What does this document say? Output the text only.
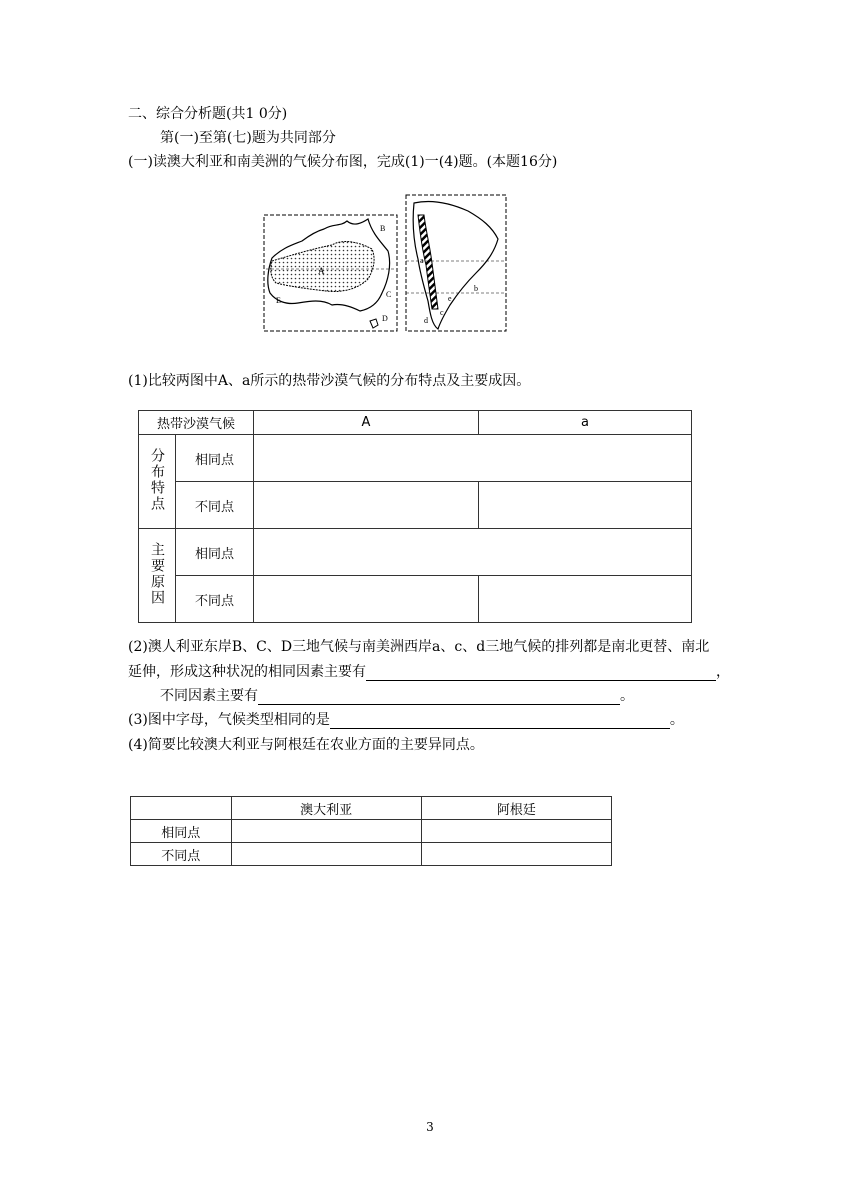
二、综合分析题(共1 0分)
第(一)至第(七)题为共同部分
(一)读澳大利亚和南美洲的气候分布图，完成(1)一(4)题。(本题16分)
A
B
C
D
E
a
b
c
d
e
(1)比较两图中A、a所示的热带沙漠气候的分布特点及主要成因。
热带沙漠气候		A	a
分布特点	相同点		
	不同点		
主要原因	相同点		
	不同点		
(2)澳人利亚东岸B、C、D三地气候与南美洲西岸a、c、d三地气候的排列都是南北更替、南北
延伸，形成这种状况的相同因素主要有	，
不同因素主要有	。
(3)图中字母，气候类型相同的是	。
(4)简要比较澳大利亚与阿根廷在农业方面的主要异同点。
	澳大利亚	阿根廷
相同点		
不同点		
3
